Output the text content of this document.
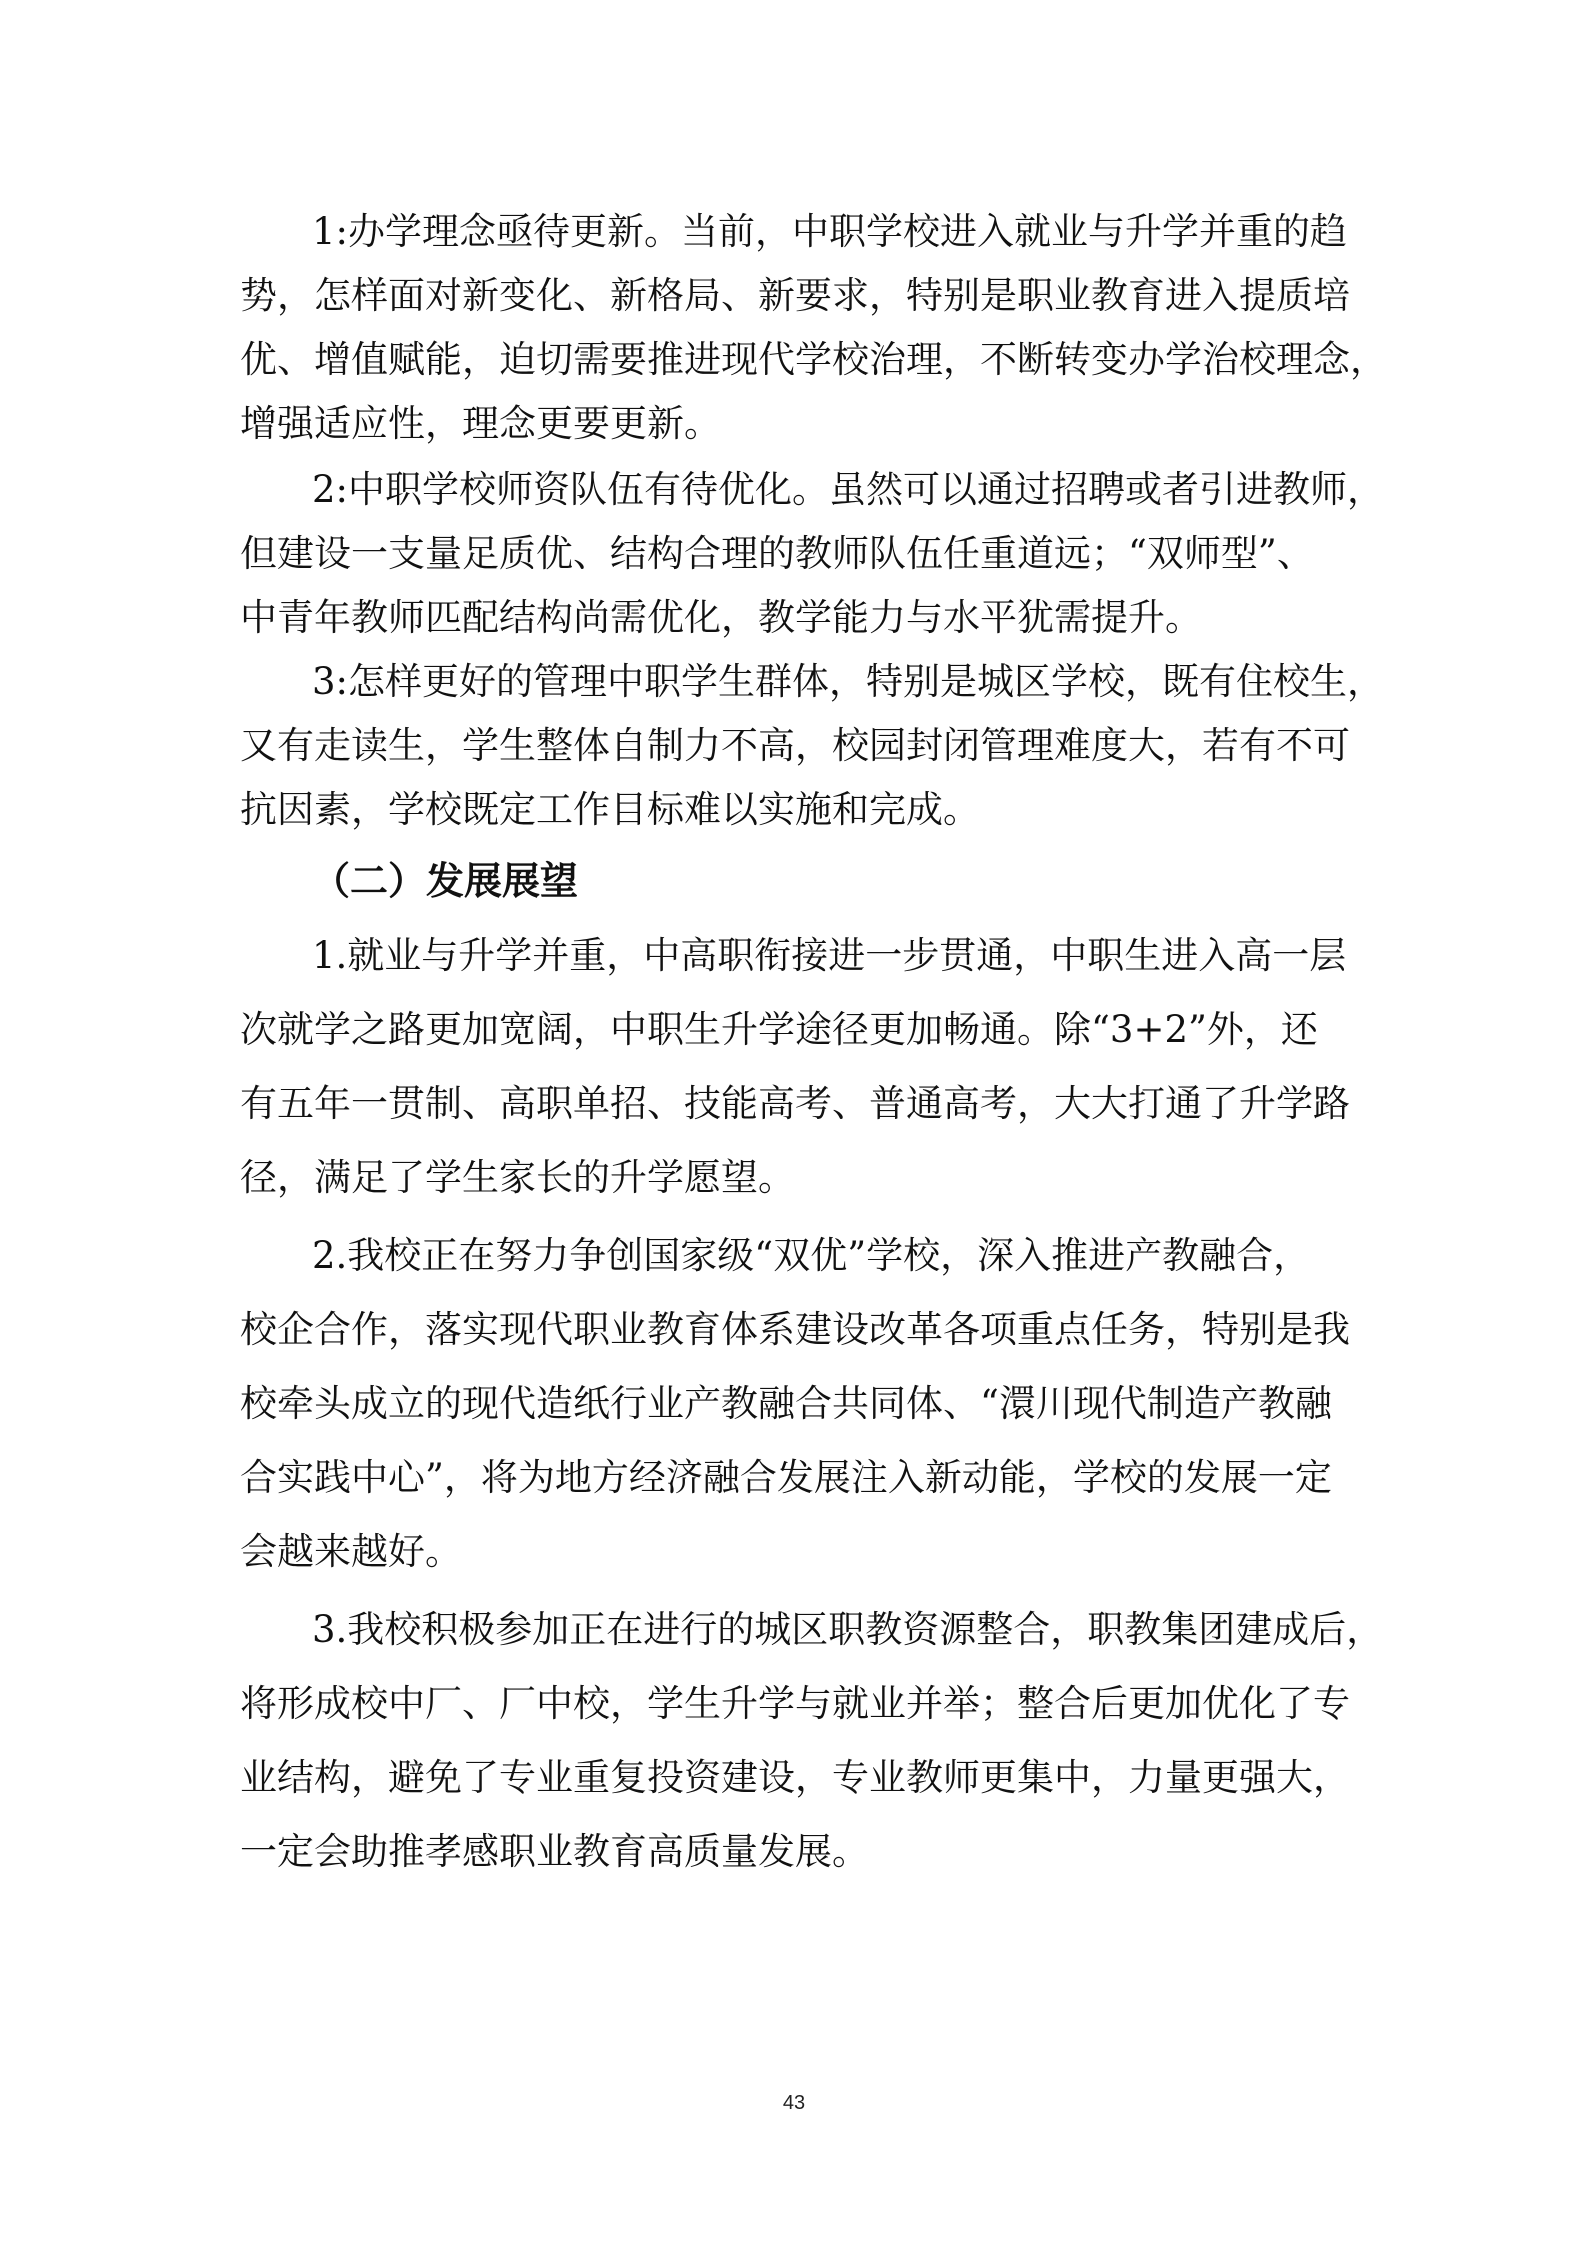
1:办学理念亟待更新。当前，中职学校进入就业与升学并重的趋
势，怎样面对新变化、新格局、新要求，特别是职业教育进入提质培
优、增值赋能，迫切需要推进现代学校治理，不断转变办学治校理念，
增强适应性，理念更要更新。
2:中职学校师资队伍有待优化。虽然可以通过招聘或者引进教师，
但建设一支量足质优、结构合理的教师队伍任重道远；“双师型”、
中青年教师匹配结构尚需优化，教学能力与水平犹需提升。
3:怎样更好的管理中职学生群体，特别是城区学校，既有住校生，
又有走读生，学生整体自制力不高，校园封闭管理难度大，若有不可
抗因素，学校既定工作目标难以实施和完成。
（二）发展展望
1.就业与升学并重，中高职衔接进一步贯通，中职生进入高一层
次就学之路更加宽阔，中职生升学途径更加畅通。除“3+2”外，还
有五年一贯制、高职单招、技能高考、普通高考，大大打通了升学路
径，满足了学生家长的升学愿望。
2.我校正在努力争创国家级“双优”学校，深入推进产教融合，
校企合作，落实现代职业教育体系建设改革各项重点任务，特别是我
校牵头成立的现代造纸行业产教融合共同体、“澴川现代制造产教融
合实践中心”，将为地方经济融合发展注入新动能，学校的发展一定
会越来越好。
3.我校积极参加正在进行的城区职教资源整合，职教集团建成后，
将形成校中厂、厂中校，学生升学与就业并举；整合后更加优化了专
业结构，避免了专业重复投资建设，专业教师更集中，力量更强大，
一定会助推孝感职业教育高质量发展。
43
